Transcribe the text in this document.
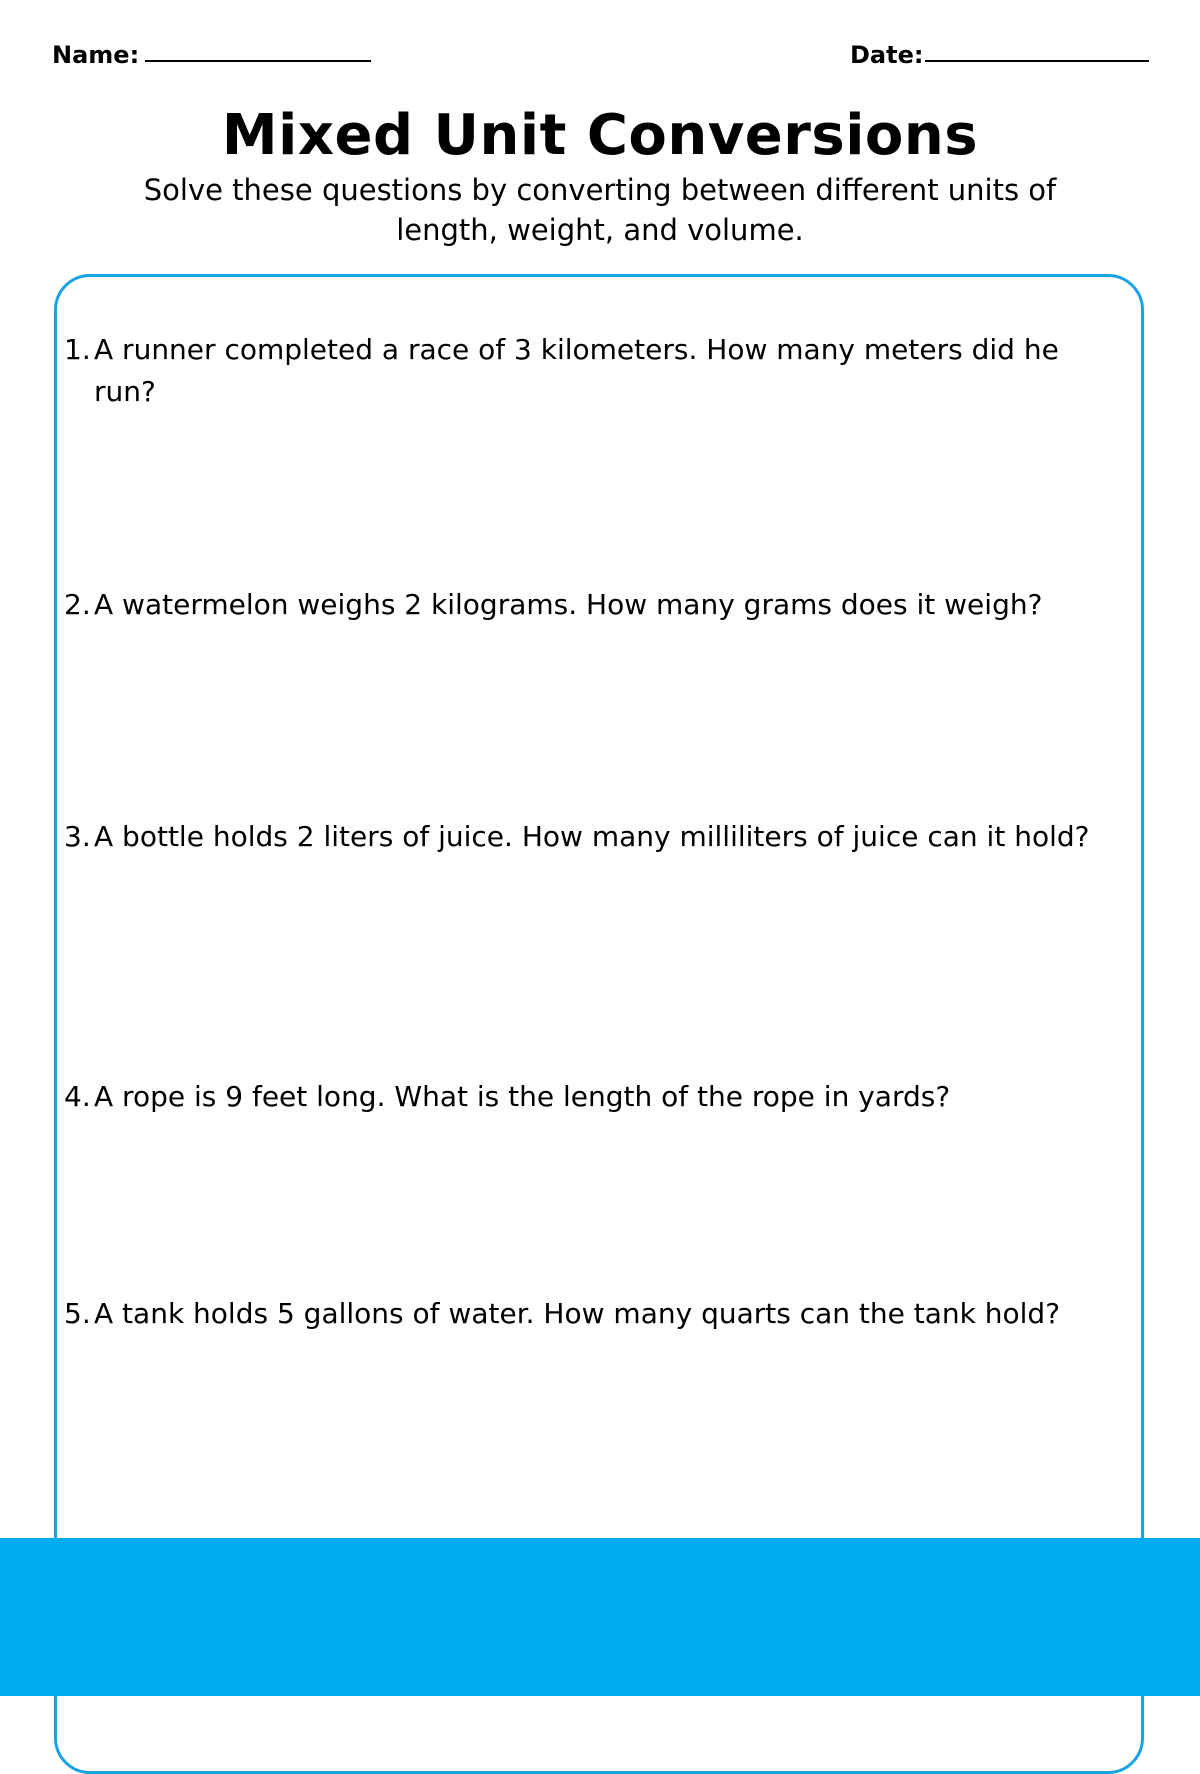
Name:	Date:
Mixed Unit Conversions
Solve these questions by converting between different units of length, weight, and volume.
1. A runner completed a race of 3 kilometers. How many meters did he run?
2. A watermelon weighs 2 kilograms. How many grams does it weigh?
3. A bottle holds 2 liters of juice. How many milliliters of juice can it hold?
4. A rope is 9 feet long. What is the length of the rope in yards?
5. A tank holds 5 gallons of water. How many quarts can the tank hold?
